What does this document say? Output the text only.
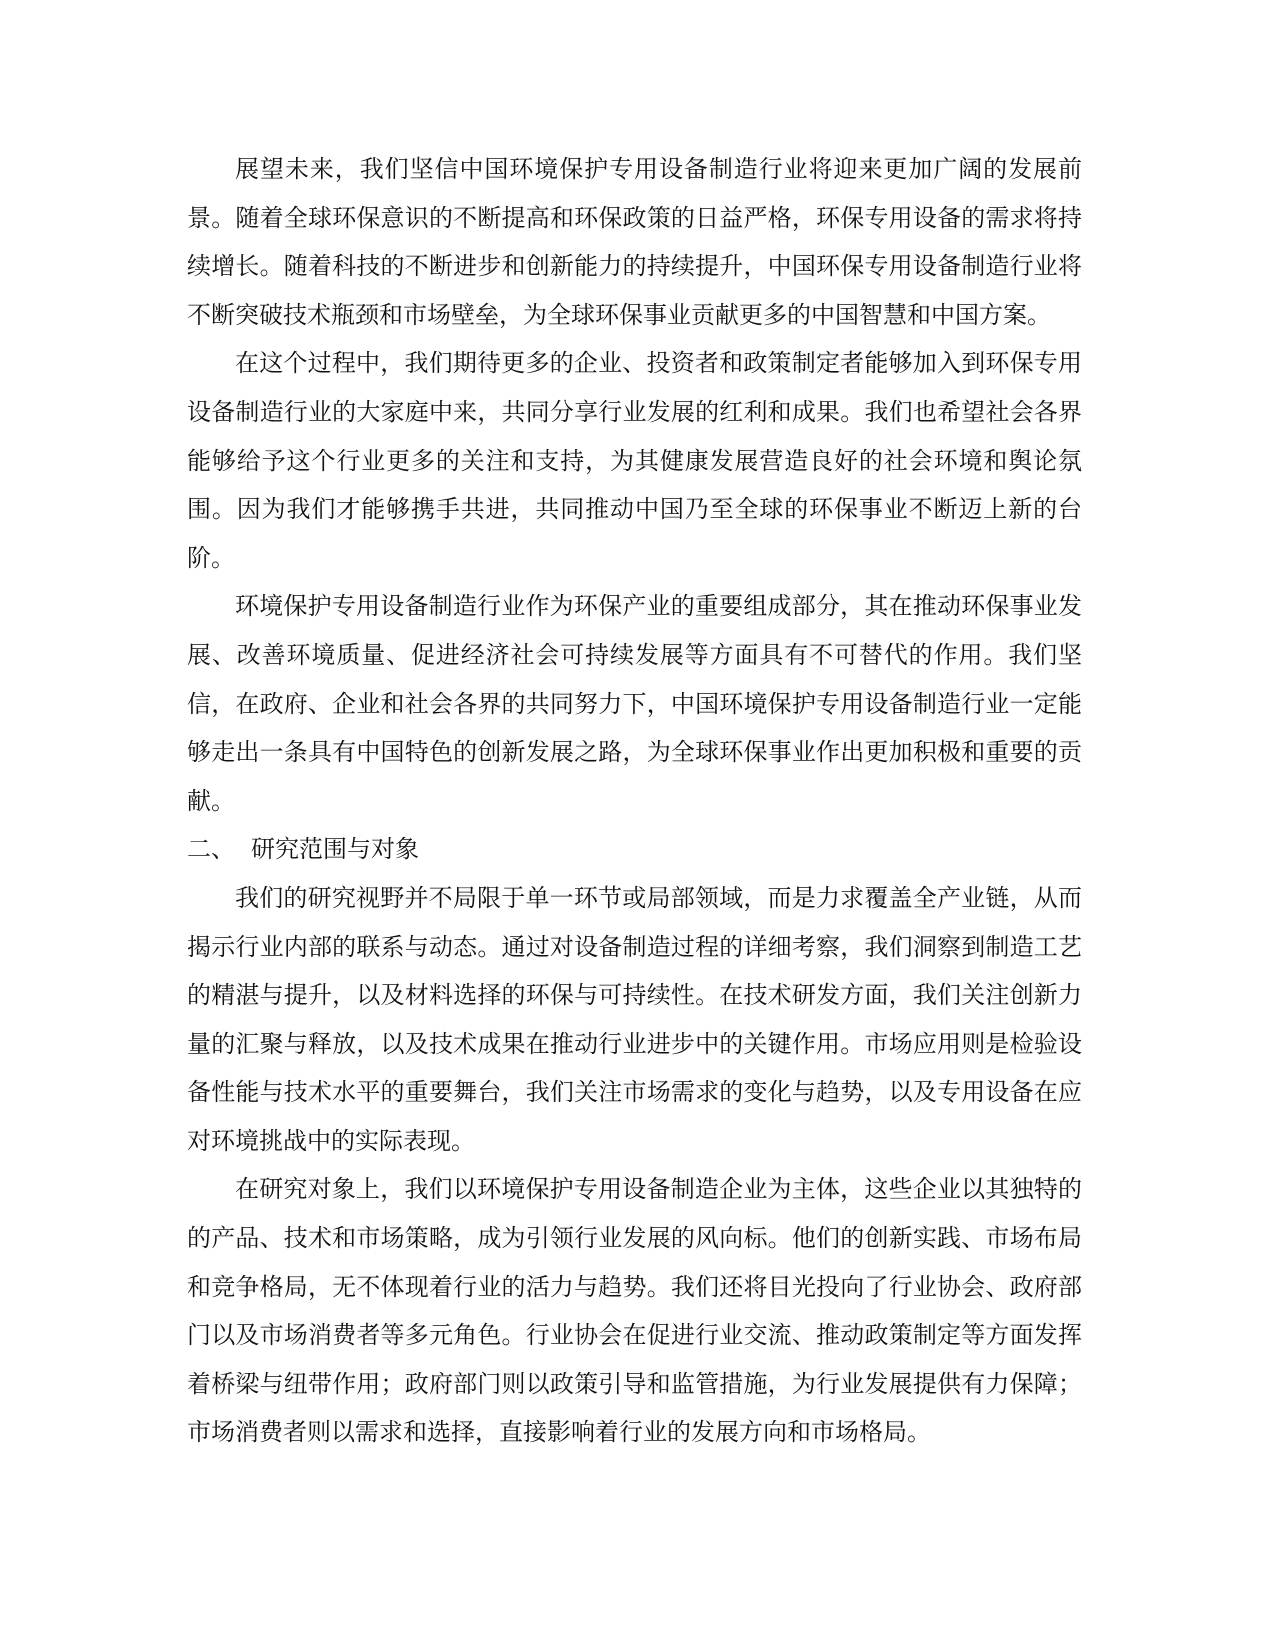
展望未来，我们坚信中国环境保护专用设备制造行业将迎来更加广阔的发展前景。随着全球环保意识的不断提高和环保政策的日益严格，环保专用设备的需求将持续增长。随着科技的不断进步和创新能力的持续提升，中国环保专用设备制造行业将不断突破技术瓶颈和市场壁垒，为全球环保事业贡献更多的中国智慧和中国方案。

在这个过程中，我们期待更多的企业、投资者和政策制定者能够加入到环保专用设备制造行业的大家庭中来，共同分享行业发展的红利和成果。我们也希望社会各界能够给予这个行业更多的关注和支持，为其健康发展营造良好的社会环境和舆论氛围。因为我们才能够携手共进，共同推动中国乃至全球的环保事业不断迈上新的台阶。

环境保护专用设备制造行业作为环保产业的重要组成部分，其在推动环保事业发展、改善环境质量、促进经济社会可持续发展等方面具有不可替代的作用。我们坚信，在政府、企业和社会各界的共同努力下，中国环境保护专用设备制造行业一定能够走出一条具有中国特色的创新发展之路，为全球环保事业作出更加积极和重要的贡献。

二、 研究范围与对象

我们的研究视野并不局限于单一环节或局部领域，而是力求覆盖全产业链，从而揭示行业内部的联系与动态。通过对设备制造过程的详细考察，我们洞察到制造工艺的精湛与提升，以及材料选择的环保与可持续性。在技术研发方面，我们关注创新力量的汇聚与释放，以及技术成果在推动行业进步中的关键作用。市场应用则是检验设备性能与技术水平的重要舞台，我们关注市场需求的变化与趋势，以及专用设备在应对环境挑战中的实际表现。

在研究对象上，我们以环境保护专用设备制造企业为主体，这些企业以其独特的的产品、技术和市场策略，成为引领行业发展的风向标。他们的创新实践、市场布局和竞争格局，无不体现着行业的活力与趋势。我们还将目光投向了行业协会、政府部门以及市场消费者等多元角色。行业协会在促进行业交流、推动政策制定等方面发挥着桥梁与纽带作用；政府部门则以政策引导和监管措施，为行业发展提供有力保障；市场消费者则以需求和选择，直接影响着行业的发展方向和市场格局。
